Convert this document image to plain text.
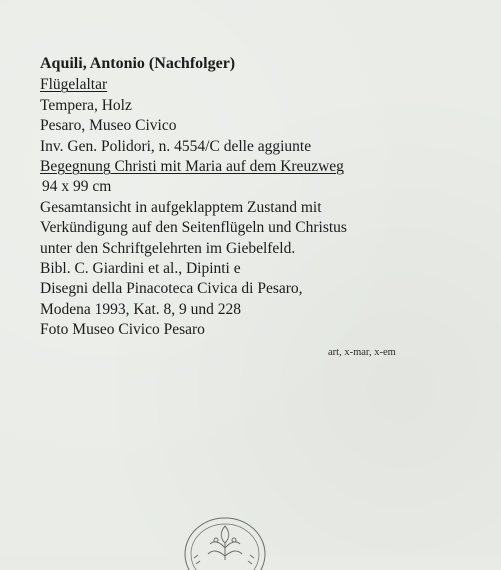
Aquili, Antonio (Nachfolger)
Flügelaltar
Tempera, Holz
Pesaro, Museo Civico
Inv. Gen. Polidori, n. 4554/C delle aggiunte
Begegnung Christi mit Maria auf dem Kreuzweg
94 x 99 cm
Gesamtansicht in aufgeklapptem Zustand mit
Verkündigung auf den Seitenflügeln und Christus
unter den Schriftgelehrten im Giebelfeld.
Bibl. C. Giardini et al., Dipinti e
Disegni della Pinacoteca Civica di Pesaro,
Modena 1993, Kat. 8, 9 und 228
Foto Museo Civico Pesaro
art, x-mar, x-em
